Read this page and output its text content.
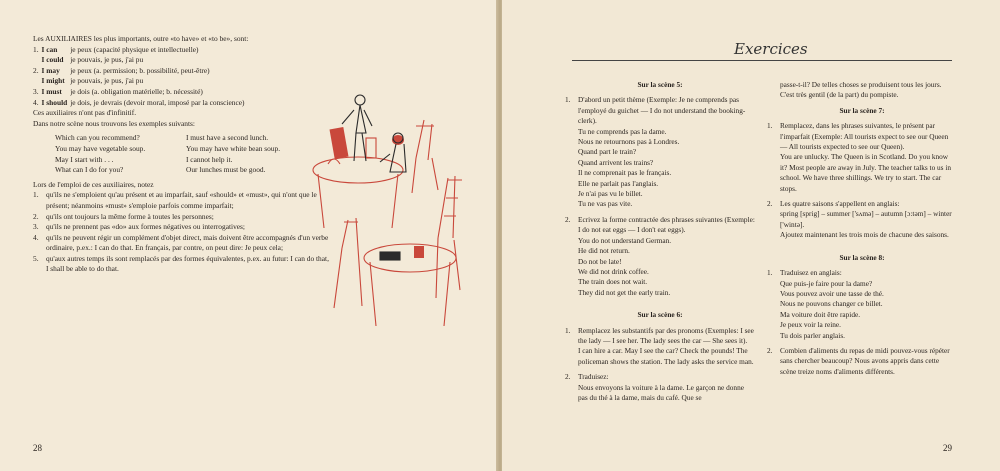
Les AUXILIAIRES les plus importants, outre «to have» et «to be», sont:

1.	I can	je peux (capacité physique et intellectuelle)
	I could	je pouvais, je pus, j'ai pu
2.	I may	je peux (a. permission; b. possibilité, peut-être)
	I might	je pouvais, je pus, j'ai pu
3.	I must	je dois (a. obligation matérielle; b. nécessité)
4.	I should	je dois, je devrais (devoir moral, imposé par la conscience)

Ces auxiliaires n'ont pas d'infinitif.

Dans notre scène nous trouvons les exemples suivants:

Which can you recommend?	I must have a second lunch.
You may have vegetable soup.	You may have white bean soup.
May I start with . . .	I cannot help it.
What can I do for you?	Our lunches must be good.

Lors de l'emploi de ces auxiliaires, notez

1.	qu'ils ne s'emploient qu'au présent et au imparfait, sauf «should» et «must», qui n'ont que le présent; néanmoins «must» s'emploie parfois comme imparfait;
2.	qu'ils ont toujours la même forme à toutes les personnes;
3.	qu'ils ne prennent pas «do» aux formes négatives ou interrogatives;
4.	qu'ils ne peuvent régir un complément d'objet direct, mais doivent être accompagnés d'un verbe ordinaire, p.ex.: I can do that. En français, par contre, on peut dire: Je peux cela;
5.	qu'aux autres temps ils sont remplacés par des formes équivalentes, p.ex. au futur: I can do that, I shall be able to do that.
28
Exercices

Sur la scène 5:

1.	D'abord un petit thème (Exemple: Je ne comprends pas l'employé du guichet — I do not understand the booking-clerk).

Tu ne comprends pas la dame.

Nous ne retournons pas à Londres.

Quand part le train?

Quand arrivent les trains?

Il ne comprenait pas le français.

Elle ne parlait pas l'anglais.

Je n'ai pas vu le billet.

Tu ne vas pas vite.

2.	Ecrivez la forme contractée des phrases suivantes (Exemple: I do not eat eggs — I don't eat eggs).

You do not understand German.

He did not return.

Do not be late!

We did not drink coffee.

The train does not wait.

They did not get the early train.

Sur la scène 6:

1.	Remplacez les substantifs par des pronoms (Exemples: I see the lady — I see her. The lady sees the car — She sees it).

I can hire a car. May I see the car? Check the pounds! The policeman shows the station. The lady asks the service man.

2.	Traduisez:

Nous envoyons la voiture à la dame. Le garçon ne donne pas du thé à la dame, mais du café. Que se

passe-t-il? De telles choses se produisent tous les jours. C'est très gentil (de la part) du pompiste.

Sur la scène 7:

1.	Remplacez, dans les phrases suivantes, le présent par l'imparfait (Exemple: All tourists expect to see our Queen — All tourists expected to see our Queen).

You are unlucky. The Queen is in Scotland. Do you know it? Most people are away in July. The teacher talks to us in school. We have three shillings. We try to start. The car stops.

2.	Les quatre saisons s'appellent en anglais:

spring [sprig] – summer ['sʌmə] – autumn [ɔ:təm] – winter ['wintə].

Ajoutez maintenant les trois mois de chacune des saisons.

Sur la scène 8:

1.	Traduisez en anglais:

Que puis-je faire pour la dame?

Vous pouvez avoir une tasse de thé.

Nous ne pouvons changer ce billet.

Ma voiture doit être rapide.

Je peux voir la reine.

Tu dois parler anglais.

2.	Combien d'aliments du repas de midi pouvez-vous répéter sans chercher beaucoup? Nous avons appris dans cette scène treize noms d'aliments différents.

29
